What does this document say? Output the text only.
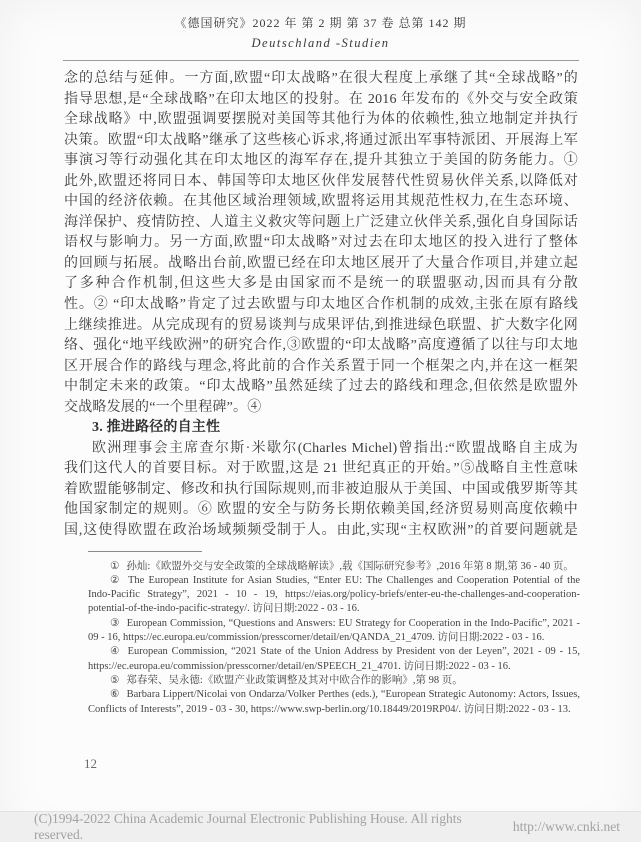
《德国研究》2022 年 第 2 期 第 37 卷 总第 142 期
Deutschland -Studien
念的总结与延伸。一方面,欧盟“印太战略”在很大程度上承继了其“全球战略”的
指导思想,是“全球战略”在印太地区的投射。在 2016 年发布的《外交与安全政策
全球战略》中,欧盟强调要摆脱对美国等其他行为体的依赖性,独立地制定并执行
决策。欧盟“印太战略”继承了这些核心诉求,将通过派出军事特派团、开展海上军
事演习等行动强化其在印太地区的海军存在,提升其独立于美国的防务能力。①
此外,欧盟还将同日本、韩国等印太地区伙伴发展替代性贸易伙伴关系,以降低对
中国的经济依赖。在其他区域治理领域,欧盟将运用其规范性权力,在生态环境、
海洋保护、疫情防控、人道主义救灾等问题上广泛建立伙伴关系,强化自身国际话
语权与影响力。另一方面,欧盟“印太战略”对过去在印太地区的投入进行了整体
的回顾与拓展。战略出台前,欧盟已经在印太地区展开了大量合作项目,并建立起
了多种合作机制,但这些大多是由国家而不是统一的联盟驱动,因而具有分散
性。② “印太战略”肯定了过去欧盟与印太地区合作机制的成效,主张在原有路线
上继续推进。从完成现有的贸易谈判与成果评估,到推进绿色联盟、扩大数字化网
络、强化“地平线欧洲”的研究合作,③欧盟的“印太战略”高度遵循了以往与印太地
区开展合作的路线与理念,将此前的合作关系置于同一个框架之内,并在这一框架
中制定未来的政策。“印太战略”虽然延续了过去的路线和理念,但依然是欧盟外
交战略发展的“一个里程碑”。④
3. 推进路径的自主性
欧洲理事会主席查尔斯·米歇尔(Charles Michel)曾指出:“欧盟战略自主成为
我们这代人的首要目标。对于欧盟,这是 21 世纪真正的开始。”⑤战略自主性意味
着欧盟能够制定、修改和执行国际规则,而非被迫服从于美国、中国或俄罗斯等其
他国家制定的规则。⑥ 欧盟的安全与防务长期依赖美国,经济贸易则高度依赖中
国,这使得欧盟在政治场域频频受制于人。由此,实现“主权欧洲”的首要问题就是

① 孙灿:《欧盟外交与安全政策的全球战略解读》,载《国际研究参考》,2016 年第 8 期,第 36 - 40 页。

② The European Institute for Asian Studies, “Enter EU: The Challenges and Cooperation Potential of the Indo-Pacific Strategy”, 2021 - 10 - 19, https://eias.org/policy-briefs/enter-eu-the-challenges-and-cooperation-potential-of-the-indo-pacific-strategy/. 访问日期:2022 - 03 - 16.

③ European Commission, “Questions and Answers: EU Strategy for Cooperation in the Indo-Pacific”, 2021 - 09 - 16, https://ec.europa.eu/commission/presscorner/detail/en/QANDA_21_4709. 访问日期:2022 - 03 - 16.

④ European Commission, “2021 State of the Union Address by President von der Leyen”, 2021 - 09 - 15, https://ec.europa.eu/commission/presscorner/detail/en/SPEECH_21_4701. 访问日期:2022 - 03 - 16.

⑤ 郑春荣、吴永德:《欧盟产业政策调整及其对中欧合作的影响》,第 98 页。

⑥ Barbara Lippert/Nicolai von Ondarza/Volker Perthes (eds.), “European Strategic Autonomy: Actors, Issues, Conflicts of Interests”, 2019 - 03 - 30, https://www.swp-berlin.org/10.18449/2019RP04/. 访问日期:2022 - 03 - 13.

12
(C)1994-2022 China Academic Journal Electronic Publishing House. All rights reserved.
http://www.cnki.net
